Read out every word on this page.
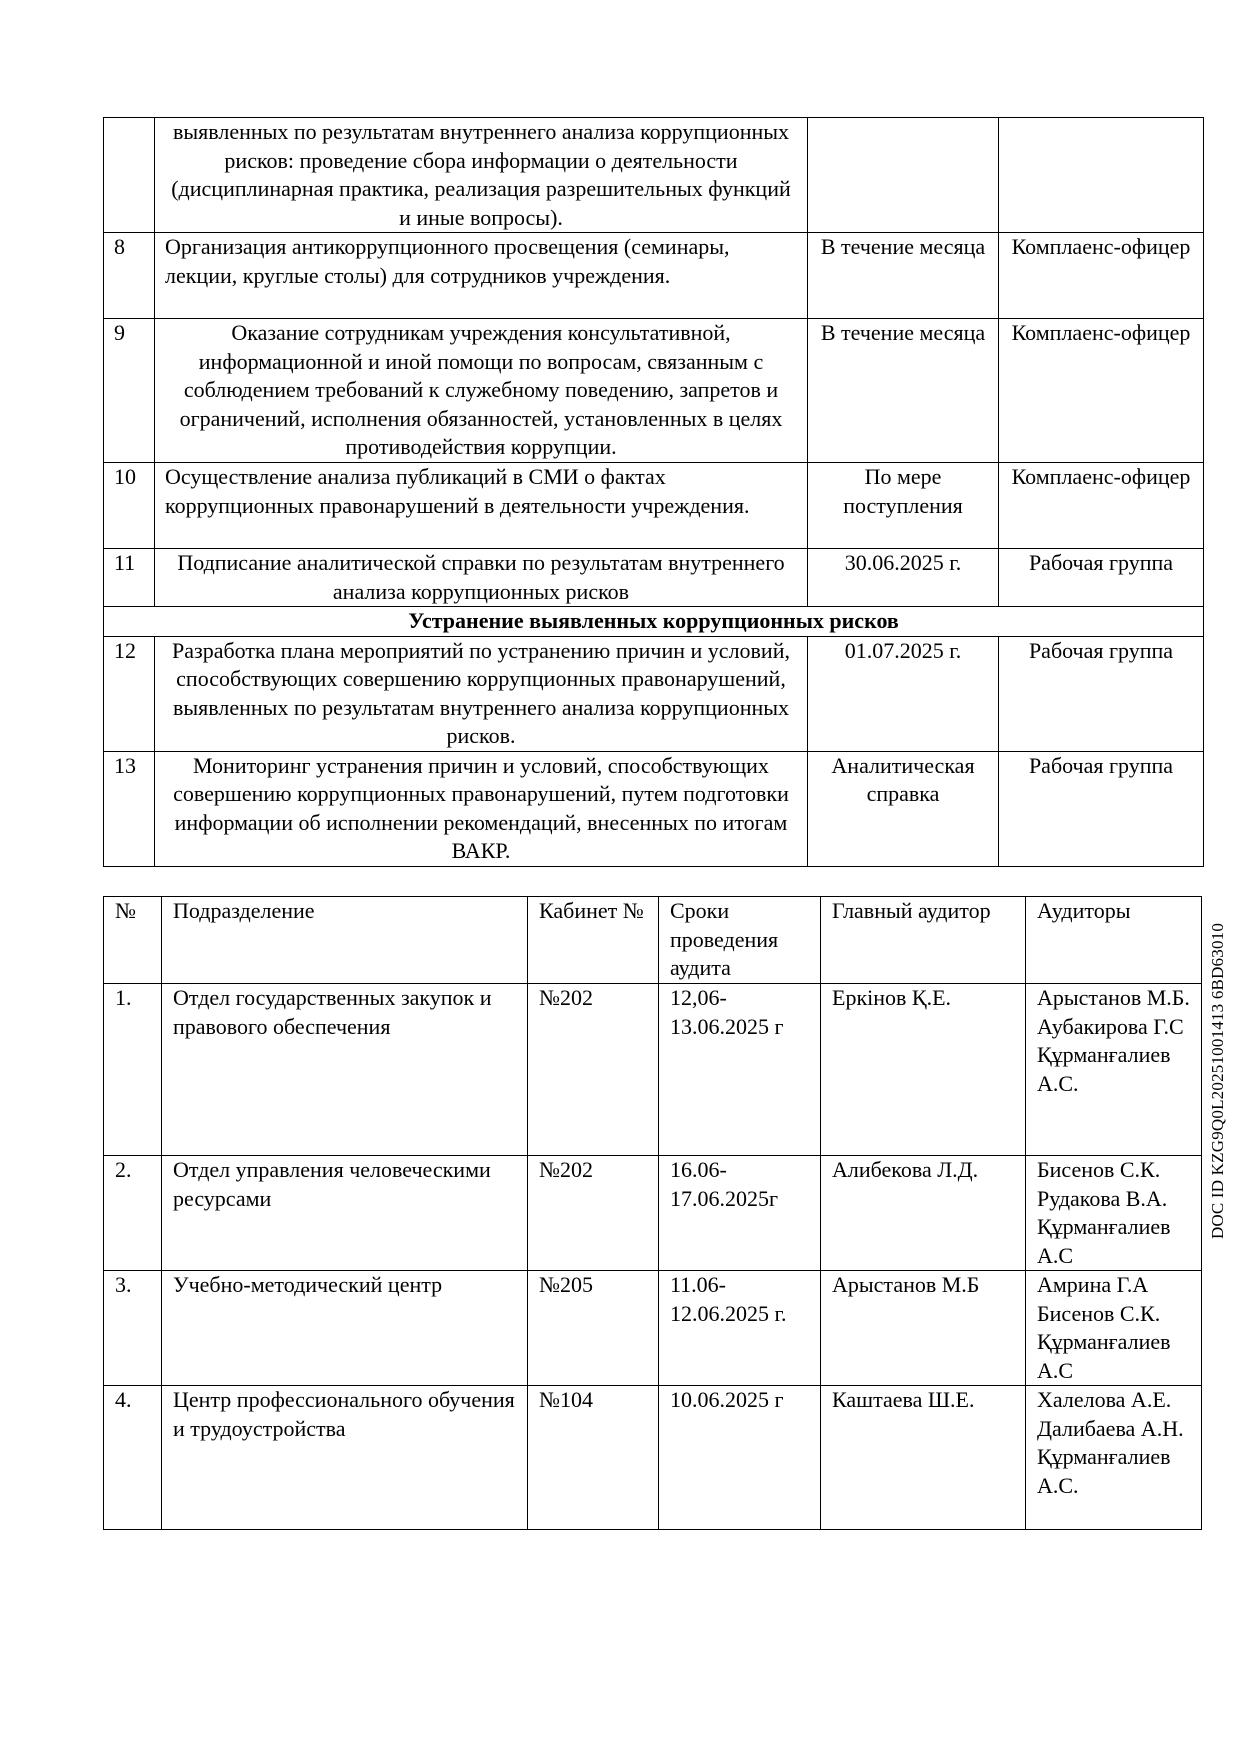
	выявленных по результатам внутреннего анализа коррупционных рисков: проведение сбора информации о деятельности (дисциплинарная практика, реализация разрешительных функций и иные вопросы).		
8	Организация антикоррупционного просвещения (семинары, лекции, круглые столы) для сотрудников учреждения.	В течение месяца	Комплаенс-офицер
9	Оказание сотрудникам учреждения консультативной, информационной и иной помощи по вопросам, связанным с соблюдением требований к служебному поведению, запретов и ограничений, исполнения обязанностей, установленных в целях противодействия коррупции.	В течение месяца	Комплаенс-офицер
10	Осуществление анализа публикаций в СМИ о фактах коррупционных правонарушений в деятельности учреждения.	По мере поступления	Комплаенс-офицер
11	Подписание аналитической справки по результатам внутреннего анализа коррупционных рисков	30.06.2025 г.	Рабочая группа
Устранение выявленных коррупционных рисков			
12	Разработка плана мероприятий по устранению причин и условий, способствующих совершению коррупционных правонарушений, выявленных по результатам внутреннего анализа коррупционных рисков.	01.07.2025 г.	Рабочая группа
13	Мониторинг устранения причин и условий, способствующих совершению коррупционных правонарушений, путем подготовки информации об исполнении рекомендаций, внесенных по итогам ВАКР.	Аналитическая справка	Рабочая группа
№	Подразделение	Кабинет №	Сроки проведения аудита	Главный аудитор	Аудиторы
1.	Отдел государственных закупок и правового обеспечения	№202	12,06-13.06.2025 г	Еркінов Қ.Е.	Арыстанов М.Б.
Аубакирова Г.С
Құрманғалиев А.С.

2.	Отдел управления человеческими ресурсами	№202	16.06-17.06.2025г	Алибекова Л.Д.	Бисенов С.К.
Рудакова В.А.
Құрманғалиев А.С

3.	Учебно-методический центр	№205	11.06-12.06.2025 г.	Арыстанов М.Б	Амрина Г.А
Бисенов С.К.
Құрманғалиев А.С

4.	Центр профессионального обучения и трудоустройства	№104	10.06.2025 г	Каштаева Ш.Е.	Халелова А.Е.
Далибаева А.Н.
Құрманғалиев А.С.
DOC ID KZG9Q0L20251001413 6BD63010
